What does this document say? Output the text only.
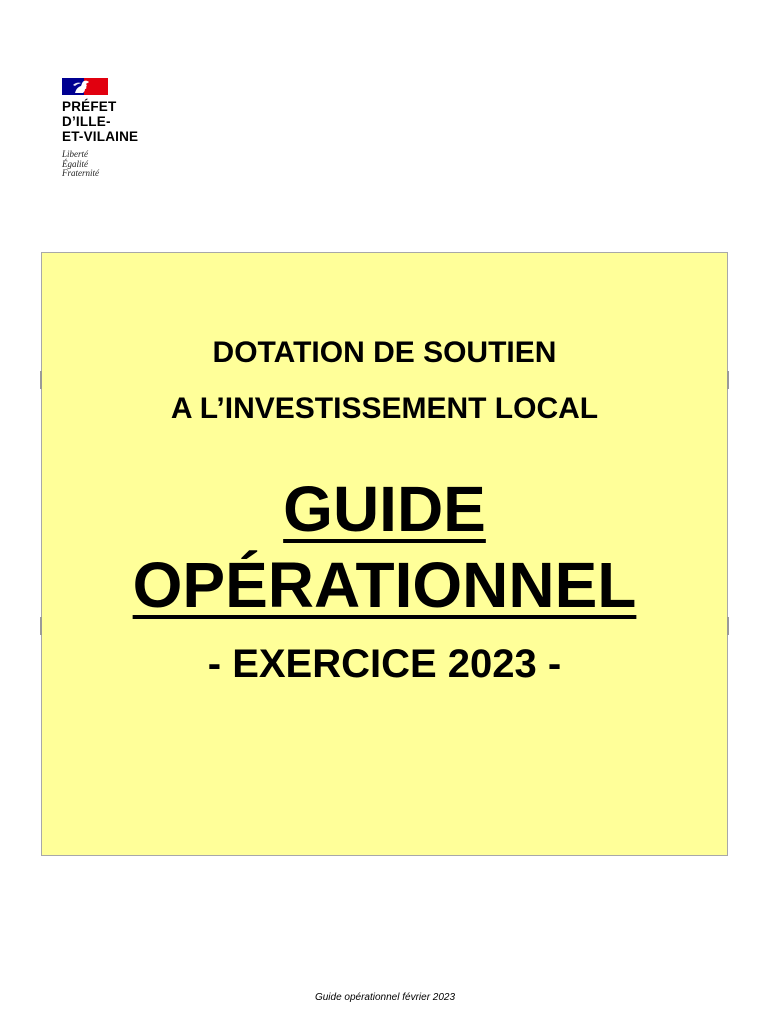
PRÉFET
D’ILLE-
ET-VILAINE
Liberté
Égalité
Fraternité
DOTATION DE SOUTIEN
A L’INVESTISSEMENT LOCAL
GUIDE
OPÉRATIONNEL
- EXERCICE 2023 -
Guide opérationnel février 2023
